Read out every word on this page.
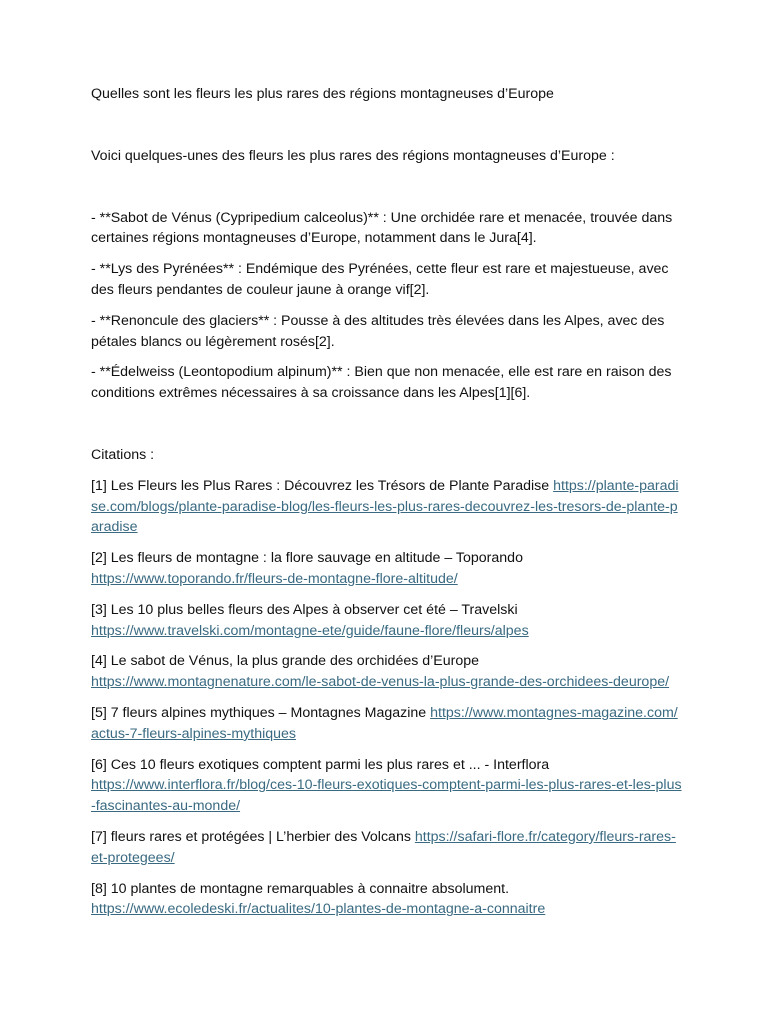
Quelles sont les fleurs les plus rares des régions montagneuses d’Europe

Voici quelques-unes des fleurs les plus rares des régions montagneuses d’Europe :

- **Sabot de Vénus (Cypripedium calceolus)** : Une orchidée rare et menacée, trouvée dans certaines régions montagneuses d’Europe, notamment dans le Jura[4].

- **Lys des Pyrénées** : Endémique des Pyrénées, cette fleur est rare et majestueuse, avec des fleurs pendantes de couleur jaune à orange vif[2].

- **Renoncule des glaciers** : Pousse à des altitudes très élevées dans les Alpes, avec des pétales blancs ou légèrement rosés[2].

- **Édelweiss (Leontopodium alpinum)** : Bien que non menacée, elle est rare en raison des conditions extrêmes nécessaires à sa croissance dans les Alpes[1][6].

Citations :

[1] Les Fleurs les Plus Rares : Découvrez les Trésors de Plante Paradise https://plante-paradise.com/blogs/plante-paradise-blog/les-fleurs-les-plus-rares-decouvrez-les-tresors-de-plante-paradise

[2] Les fleurs de montagne : la flore sauvage en altitude – Toporando
https://www.toporando.fr/fleurs-de-montagne-flore-altitude/

[3] Les 10 plus belles fleurs des Alpes à observer cet été – Travelski
https://www.travelski.com/montagne-ete/guide/faune-flore/fleurs/alpes

[4] Le sabot de Vénus, la plus grande des orchidées d’Europe
https://www.montagnenature.com/le-sabot-de-venus-la-plus-grande-des-orchidees-deurope/

[5] 7 fleurs alpines mythiques – Montagnes Magazine https://www.montagnes-magazine.com/actus-7-fleurs-alpines-mythiques

[6] Ces 10 fleurs exotiques comptent parmi les plus rares et ... - Interflora
https://www.interflora.fr/blog/ces-10-fleurs-exotiques-comptent-parmi-les-plus-rares-et-les-plus-fascinantes-au-monde/

[7] fleurs rares et protégées | L’herbier des Volcans https://safari-flore.fr/category/fleurs-rares-et-protegees/

[8] 10 plantes de montagne remarquables à connaitre absolument.
https://www.ecoledeski.fr/actualites/10-plantes-de-montagne-a-connaitre
